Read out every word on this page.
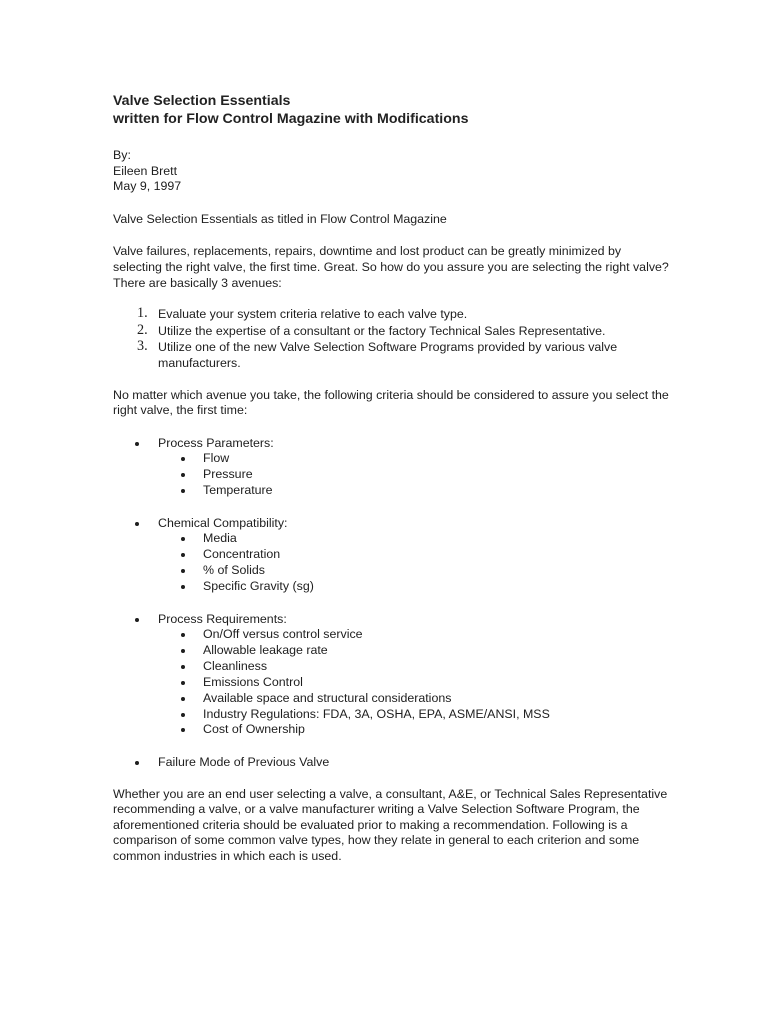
Valve Selection Essentials
written for Flow Control Magazine with Modifications
By:
Eileen Brett
May 9, 1997

Valve Selection Essentials as titled in Flow Control Magazine

Valve failures, replacements, repairs, downtime and lost product can be greatly minimized by selecting the right valve, the first time. Great. So how do you assure you are selecting the right valve? There are basically 3 avenues:

1. Evaluate your system criteria relative to each valve type.
2. Utilize the expertise of a consultant or the factory Technical Sales Representative.
3. Utilize one of the new Valve Selection Software Programs provided by various valve manufacturers.

No matter which avenue you take, the following criteria should be considered to assure you select the right valve, the first time:

Process Parameters:
Flow
Pressure
Temperature
Chemical Compatibility:
Media
Concentration
% of Solids
Specific Gravity (sg)
Process Requirements:
On/Off versus control service
Allowable leakage rate
Cleanliness
Emissions Control
Available space and structural considerations
Industry Regulations: FDA, 3A, OSHA, EPA, ASME/ANSI, MSS
Cost of Ownership
Failure Mode of Previous Valve

Whether you are an end user selecting a valve, a consultant, A&E, or Technical Sales Representative recommending a valve, or a valve manufacturer writing a Valve Selection Software Program, the aforementioned criteria should be evaluated prior to making a recommendation. Following is a comparison of some common valve types, how they relate in general to each criterion and some common industries in which each is used.
